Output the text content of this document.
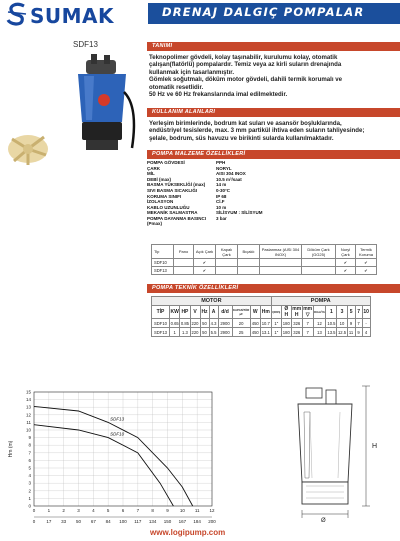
SUMAK	DRENAJ DALGIÇ POMPALAR
SDF13	TANIMI
Teknopolimer gövdeli, kolay taşınabilir, kurulumu kolay, otomatik
çalışan(flatörlü) pompalardır. Temiz veya az kirli suların drenajında
kullanmak için tasarlanmıştır.
Gömlek soğutmalı, döküm motor gövdeli, dahili termik korumalı ve
otomatik resetlidir.
50 Hz ve 60 Hz frekanslarında imal edilmektedir.
KULLANIM ALANLARI
Yerleşim birimlerinde, bodrum kat suları ve asansör boşluklarında,
endüstriyel tesislerde, max. 3 mm partikül ihtiva eden suların tahliyesinde;
şelale, bodrum, süs havuzu ve birikinti sularda kullanılmaktadır.
POMPA MALZEME ÖZELLİKLERİ
POMPA GÖVDESİ	PPH
ÇARK	NORYL
MİL	AISI 304 INOX
DEBİ (max)	10.5 m³/saat
BASMA YÜKSEKLİĞİ (max)	14 m
SIVI BASMA SICAKLIĞI	0-30°C
KORUMA SINIFI	IP 68
İZOLASYON	Cl.F
KABLO UZUNLUĞU	10 m
MEKANİK SALMASTRA	SİLİSYUM : SİLİSYUM
POMPA DAYANMA BASINCI (Pmax)
3 bar
Tip	Pano	Açık Çark	Kapalı Çark	Bıçaklı	Paslanmaz (AISI 304 INOX)	Döküm Çark (GG25)	Noryl Çark	Termik Koruma
SDF10		✔					✔	✔
SDF13		✔					✔	✔
POMPA TEKNİK ÖZELLİKLERİ
MOTOR										POMPA									
TİP	KW	HP	V	Hz	A	d/d	KAPASİTÖR µF	W	Hm	ÇIKIŞ	Ø H	mm H	mm ▽	KGm³/h	1	3	5	7	10
SDF10	0.65	0.85	220	50	4.3	2900	20	450	10.7	1"	180	326	7	12	10.5	10	9	7	-
SDF13	1	1.3	220	50	5.5	2900	25	450	13.1	1"	180	326	7	13	13.5	12.5	11	9	4
0
1
2
3
4
5
6
7
8
9
10
11
12
13
14
15
0
0
1
17
2
33
3
50
4
67
5
84
6
100
7
117
8
134
9
150
10
167
11
184
12
200
Hm (m)
SDF13
SDF10
H
Ø
www.logipump.com
